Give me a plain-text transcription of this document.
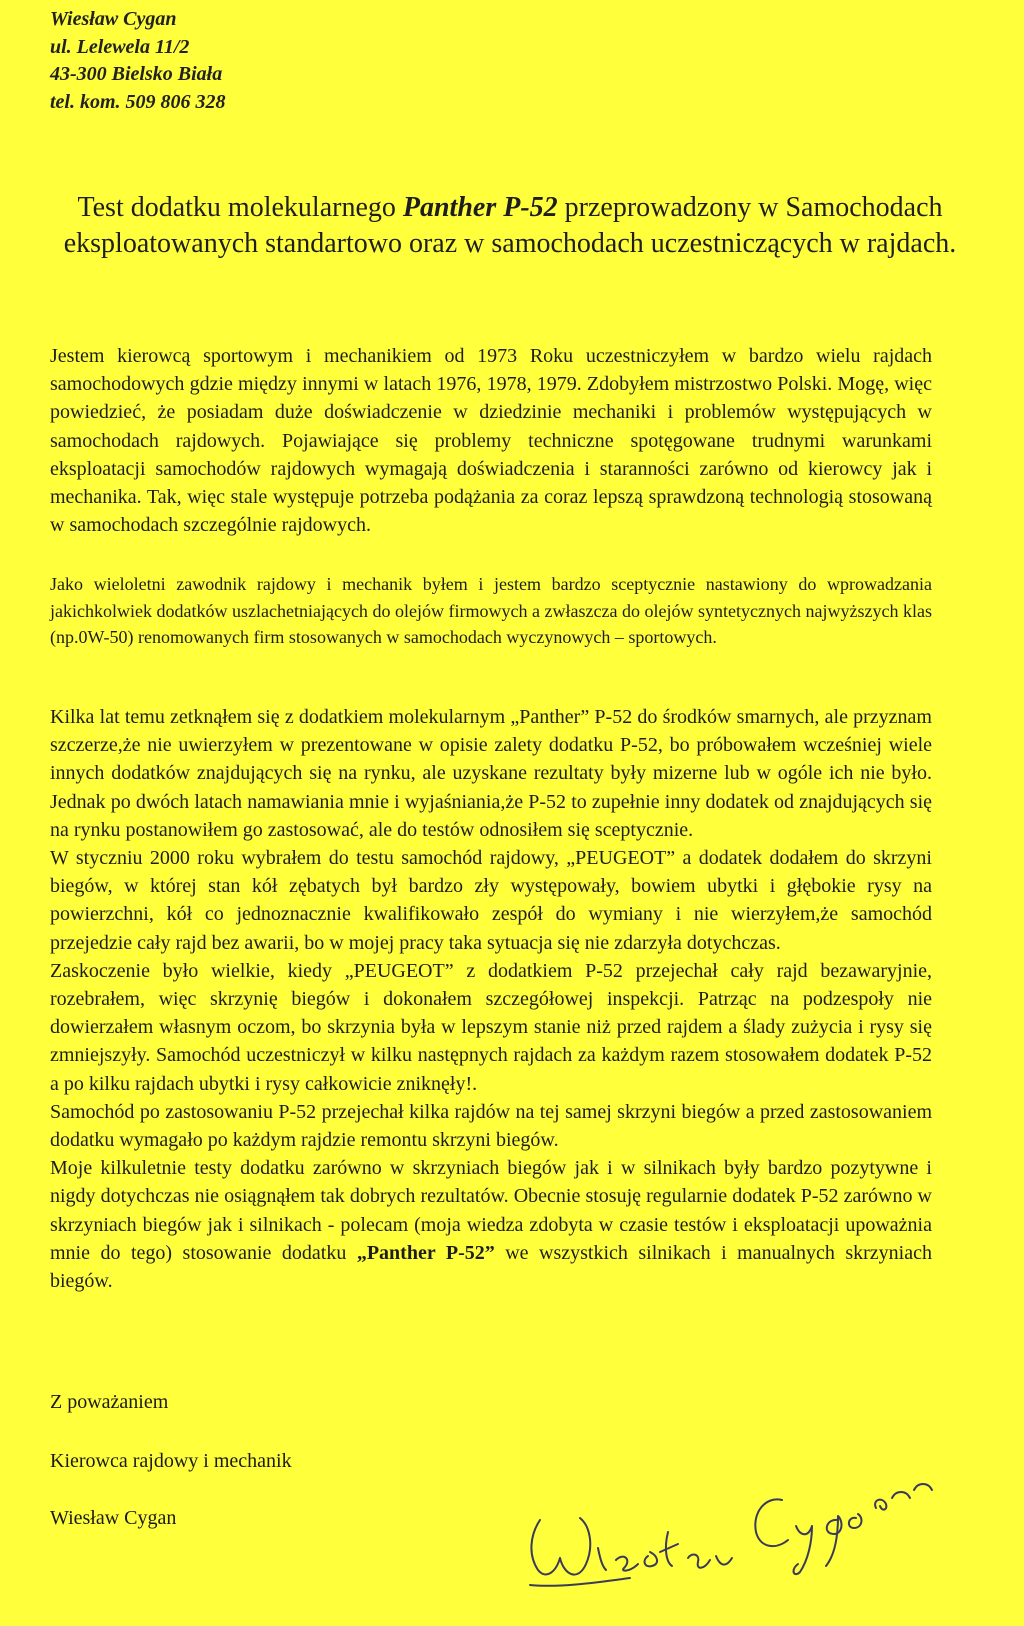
Wiesław Cygan
ul. Lelewela 11/2
43-300 Bielsko Biała
tel. kom. 509 806 328
Test dodatku molekularnego Panther P-52 przeprowadzony w Samochodach eksploatowanych standartowo oraz w samochodach uczestniczących w rajdach.

Jestem kierowcą sportowym i mechanikiem od 1973 Roku uczestniczyłem w bardzo wielu rajdach samochodowych gdzie między innymi w latach 1976, 1978, 1979. Zdobyłem mistrzostwo Polski. Mogę, więc powiedzieć, że posiadam duże doświadczenie w dziedzinie mechaniki i problemów występujących w samochodach rajdowych. Pojawiające się problemy techniczne spotęgowane trudnymi warunkami eksploatacji samochodów rajdowych wymagają doświadczenia i staranności zarówno od kierowcy jak i mechanika. Tak, więc stale występuje potrzeba podążania za coraz lepszą sprawdzoną technologią stosowaną w samochodach szczególnie rajdowych.

Jako wieloletni zawodnik rajdowy i mechanik byłem i jestem bardzo sceptycznie nastawiony do wprowadzania jakichkolwiek dodatków uszlachetniających do olejów firmowych a zwłaszcza do olejów syntetycznych najwyższych klas (np.0W-50) renomowanych firm stosowanych w samochodach wyczynowych – sportowych.

Kilka lat temu zetknąłem się z dodatkiem molekularnym „Panther” P-52 do środków smarnych, ale przyznam szczerze,że nie uwierzyłem w prezentowane w opisie zalety dodatku P-52, bo próbowałem wcześniej wiele innych dodatków znajdujących się na rynku, ale uzyskane rezultaty były mizerne lub w ogóle ich nie było. Jednak po dwóch latach namawiania mnie i wyjaśniania,że P-52 to zupełnie inny dodatek od znajdujących się na rynku postanowiłem go zastosować, ale do testów odnosiłem się sceptycznie.

W styczniu 2000 roku wybrałem do testu samochód rajdowy, „PEUGEOT” a dodatek dodałem do skrzyni biegów, w której stan kół zębatych był bardzo zły występowały, bowiem ubytki i głębokie rysy na powierzchni, kół co jednoznacznie kwalifikowało zespół do wymiany i nie wierzyłem,że samochód przejedzie cały rajd bez awarii, bo w mojej pracy taka sytuacja się nie zdarzyła dotychczas.

Zaskoczenie było wielkie, kiedy „PEUGEOT” z dodatkiem P-52 przejechał cały rajd bezawaryjnie, rozebrałem, więc skrzynię biegów i dokonałem szczegółowej inspekcji. Patrząc na podzespoły nie dowierzałem własnym oczom, bo skrzynia była w lepszym stanie niż przed rajdem a ślady zużycia i rysy się zmniejszyły. Samochód uczestniczył w kilku następnych rajdach za każdym razem stosowałem dodatek P-52 a po kilku rajdach ubytki i rysy całkowicie zniknęły!.

Samochód po zastosowaniu P-52 przejechał kilka rajdów na tej samej skrzyni biegów a przed zastosowaniem dodatku wymagało po każdym rajdzie remontu skrzyni biegów.

Moje kilkuletnie testy dodatku zarówno w skrzyniach biegów jak i w silnikach były bardzo pozytywne i nigdy dotychczas nie osiągnąłem tak dobrych rezultatów. Obecnie stosuję regularnie dodatek P-52 zarówno w skrzyniach biegów jak i silnikach - polecam (moja wiedza zdobyta w czasie testów i eksploatacji upoważnia mnie do tego) stosowanie dodatku „Panther P-52” we wszystkich silnikach i manualnych skrzyniach biegów.

Z poważaniem
Kierowca rajdowy i mechanik
Wiesław Cygan
